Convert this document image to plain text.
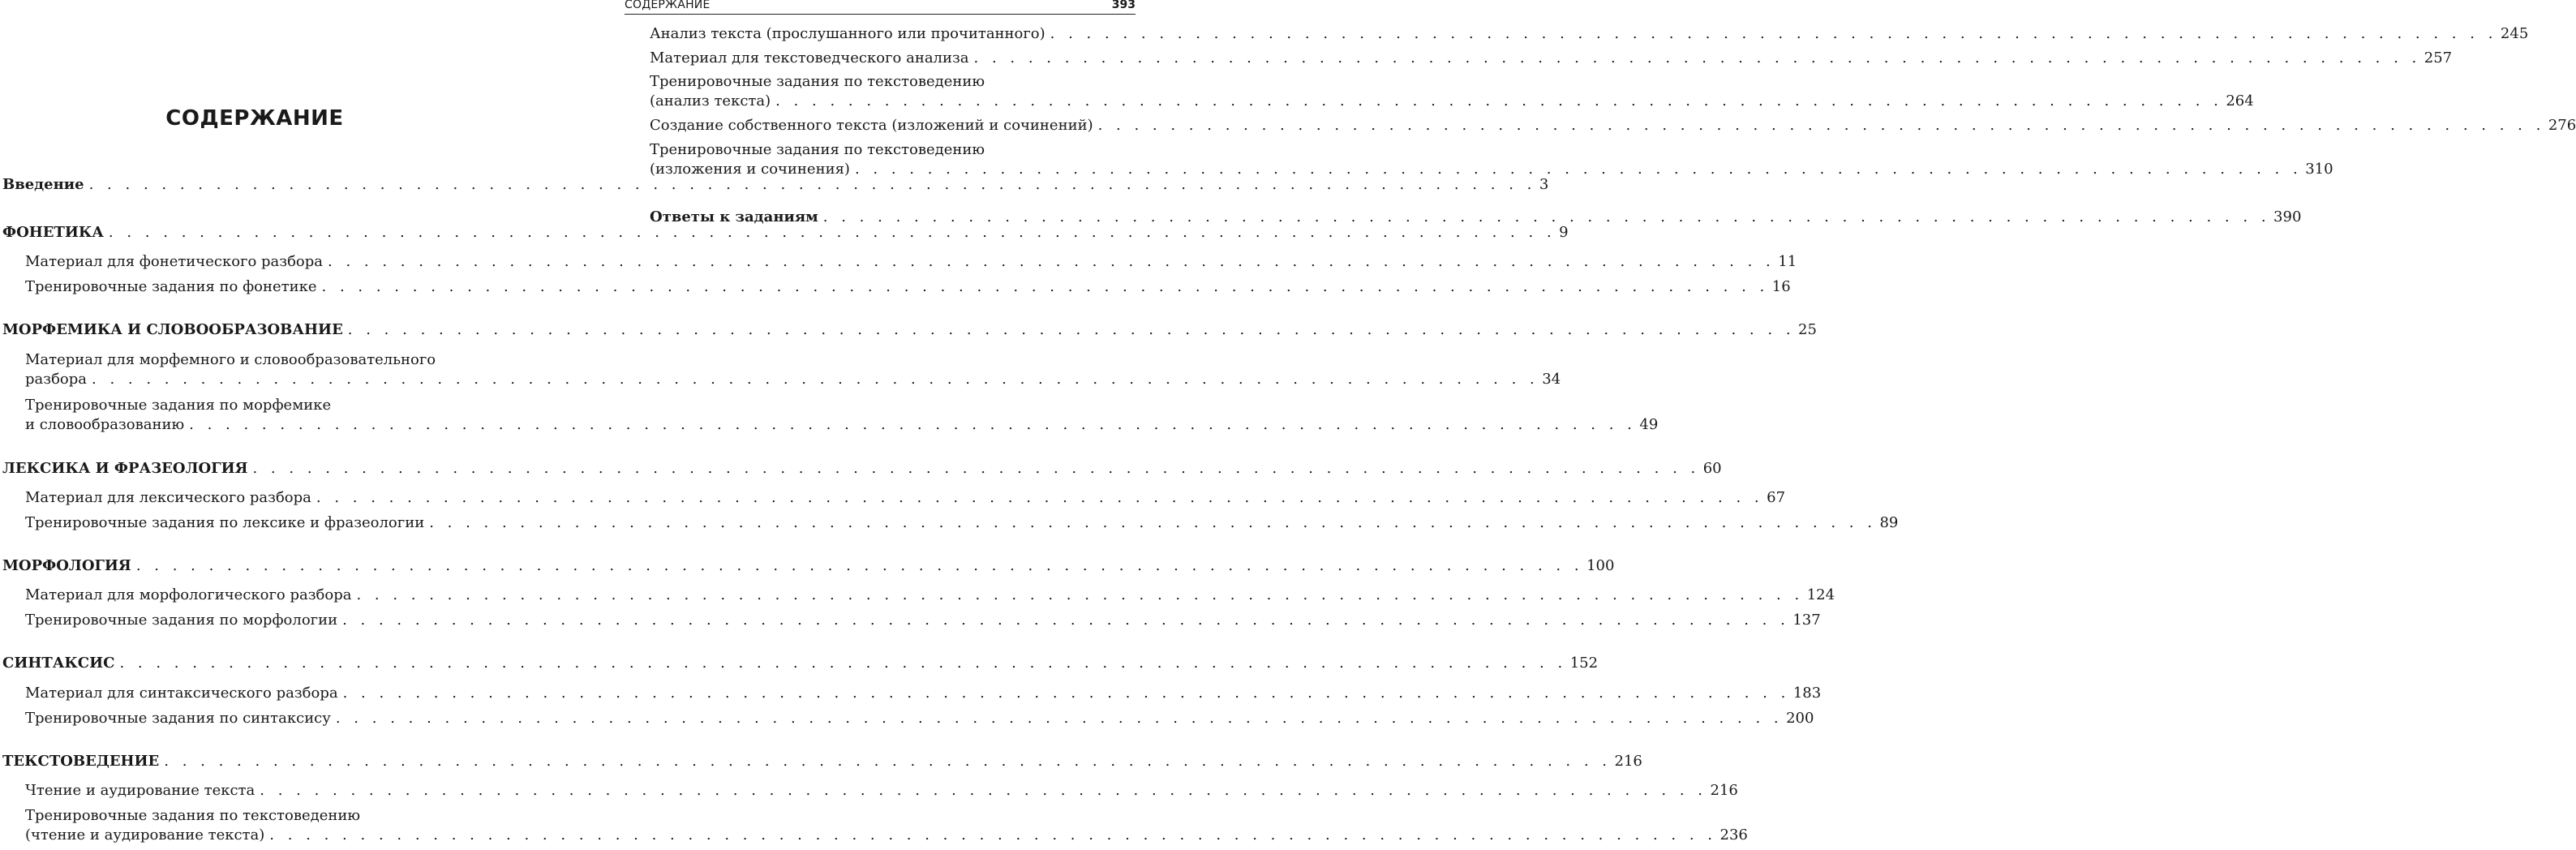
СОДЕРЖАНИЕ
Введение . . . . . . . . . . . . . . . . . . . . . . . . . . . . . . . . . . . . . . . . . . . . . . . . . . . . . . . . . . . . . . . . . . . . . . . . . . . . . . . . 3
ФОНЕТИКА . . . . . . . . . . . . . . . . . . . . . . . . . . . . . . . . . . . . . . . . . . . . . . . . . . . . . . . . . . . . . . . . . . . . . . . . . . . . . . . . 9
Материал для фонетического разбора . . . . . . . . . . . . . . . . . . . . . . . . . . . . . . . . . . . . . . . . . . . . . . . . . . . . . . . . . . . . . . . . . . . . . . . . . . . . . . . . 11
Тренировочные задания по фонетике . . . . . . . . . . . . . . . . . . . . . . . . . . . . . . . . . . . . . . . . . . . . . . . . . . . . . . . . . . . . . . . . . . . . . . . . . . . . . . . . 16
МОРФЕМИКА И СЛОВООБРАЗОВАНИЕ . . . . . . . . . . . . . . . . . . . . . . . . . . . . . . . . . . . . . . . . . . . . . . . . . . . . . . . . . . . . . . . . . . . . . . . . . . . . . . . . 25
Материал для морфемного и словообразовательного
разбора . . . . . . . . . . . . . . . . . . . . . . . . . . . . . . . . . . . . . . . . . . . . . . . . . . . . . . . . . . . . . . . . . . . . . . . . . . . . . . . . 34
Тренировочные задания по морфемике
и словообразованию . . . . . . . . . . . . . . . . . . . . . . . . . . . . . . . . . . . . . . . . . . . . . . . . . . . . . . . . . . . . . . . . . . . . . . . . . . . . . . . . 49
ЛЕКСИКА И ФРАЗЕОЛОГИЯ . . . . . . . . . . . . . . . . . . . . . . . . . . . . . . . . . . . . . . . . . . . . . . . . . . . . . . . . . . . . . . . . . . . . . . . . . . . . . . . . 60
Материал для лексического разбора . . . . . . . . . . . . . . . . . . . . . . . . . . . . . . . . . . . . . . . . . . . . . . . . . . . . . . . . . . . . . . . . . . . . . . . . . . . . . . . . 67
Тренировочные задания по лексике и фразеологии . . . . . . . . . . . . . . . . . . . . . . . . . . . . . . . . . . . . . . . . . . . . . . . . . . . . . . . . . . . . . . . . . . . . . . . . . . . . . . . . 89
МОРФОЛОГИЯ . . . . . . . . . . . . . . . . . . . . . . . . . . . . . . . . . . . . . . . . . . . . . . . . . . . . . . . . . . . . . . . . . . . . . . . . . . . . . . . . 100
Материал для морфологического разбора . . . . . . . . . . . . . . . . . . . . . . . . . . . . . . . . . . . . . . . . . . . . . . . . . . . . . . . . . . . . . . . . . . . . . . . . . . . . . . . . 124
Тренировочные задания по морфологии . . . . . . . . . . . . . . . . . . . . . . . . . . . . . . . . . . . . . . . . . . . . . . . . . . . . . . . . . . . . . . . . . . . . . . . . . . . . . . . . 137
СИНТАКСИС . . . . . . . . . . . . . . . . . . . . . . . . . . . . . . . . . . . . . . . . . . . . . . . . . . . . . . . . . . . . . . . . . . . . . . . . . . . . . . . . 152
Материал для синтаксического разбора . . . . . . . . . . . . . . . . . . . . . . . . . . . . . . . . . . . . . . . . . . . . . . . . . . . . . . . . . . . . . . . . . . . . . . . . . . . . . . . . 183
Тренировочные задания по синтаксису . . . . . . . . . . . . . . . . . . . . . . . . . . . . . . . . . . . . . . . . . . . . . . . . . . . . . . . . . . . . . . . . . . . . . . . . . . . . . . . . 200
ТЕКСТОВЕДЕНИЕ . . . . . . . . . . . . . . . . . . . . . . . . . . . . . . . . . . . . . . . . . . . . . . . . . . . . . . . . . . . . . . . . . . . . . . . . . . . . . . . . 216
Чтение и аудирование текста . . . . . . . . . . . . . . . . . . . . . . . . . . . . . . . . . . . . . . . . . . . . . . . . . . . . . . . . . . . . . . . . . . . . . . . . . . . . . . . . 216
Тренировочные задания по текстоведению
(чтение и аудирование текста) . . . . . . . . . . . . . . . . . . . . . . . . . . . . . . . . . . . . . . . . . . . . . . . . . . . . . . . . . . . . . . . . . . . . . . . . . . . . . . . . 236
СОДЕРЖАНИЕ	393
Анализ текста (прослушанного или прочитанного) . . . . . . . . . . . . . . . . . . . . . . . . . . . . . . . . . . . . . . . . . . . . . . . . . . . . . . . . . . . . . . . . . . . . . . . . . . . . . . . . 245
Материал для текстоведческого анализа . . . . . . . . . . . . . . . . . . . . . . . . . . . . . . . . . . . . . . . . . . . . . . . . . . . . . . . . . . . . . . . . . . . . . . . . . . . . . . . . 257
Тренировочные задания по текстоведению
(анализ текста) . . . . . . . . . . . . . . . . . . . . . . . . . . . . . . . . . . . . . . . . . . . . . . . . . . . . . . . . . . . . . . . . . . . . . . . . . . . . . . . . 264
Создание собственного текста (изложений и сочинений) . . . . . . . . . . . . . . . . . . . . . . . . . . . . . . . . . . . . . . . . . . . . . . . . . . . . . . . . . . . . . . . . . . . . . . . . . . . . . . . . 276
Тренировочные задания по текстоведению
(изложения и сочинения) . . . . . . . . . . . . . . . . . . . . . . . . . . . . . . . . . . . . . . . . . . . . . . . . . . . . . . . . . . . . . . . . . . . . . . . . . . . . . . . . 310
Ответы к заданиям . . . . . . . . . . . . . . . . . . . . . . . . . . . . . . . . . . . . . . . . . . . . . . . . . . . . . . . . . . . . . . . . . . . . . . . . . . . . . . . . 390
